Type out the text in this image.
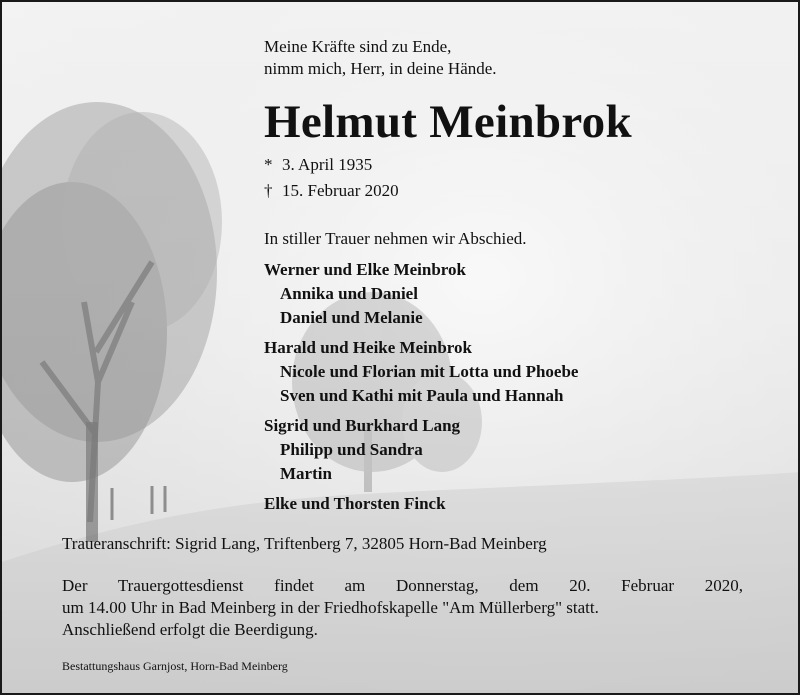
Meine Kräfte sind zu Ende,
nimm mich, Herr, in deine Hände.
Helmut Meinbrok
* 3. April 1935
† 15. Februar 2020
In stiller Trauer nehmen wir Abschied.
Werner und Elke Meinbrok
Annika und Daniel
Daniel und Melanie
Harald und Heike Meinbrok
Nicole und Florian mit Lotta und Phoebe
Sven und Kathi mit Paula und Hannah
Sigrid und Burkhard Lang
Philipp und Sandra
Martin
Elke und Thorsten Finck
Traueranschrift: Sigrid Lang, Triftenberg 7, 32805 Horn-Bad Meinberg
Der Trauergottesdienst findet am Donnerstag, dem 20. Februar 2020,
um 14.00 Uhr in Bad Meinberg in der Friedhofskapelle "Am Müllerberg" statt.
Anschließend erfolgt die Beerdigung.
Bestattungshaus Garnjost, Horn-Bad Meinberg
